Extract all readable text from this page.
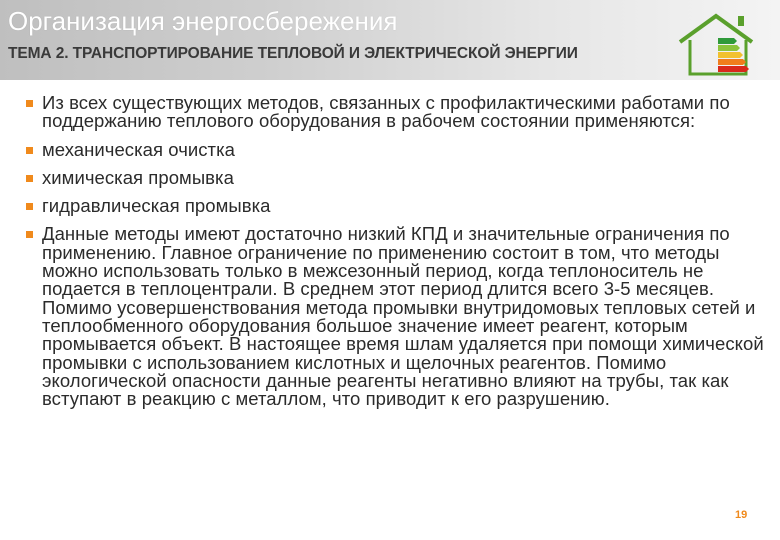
Организация энергосбережения
ТЕМА 2. ТРАНСПОРТИРОВАНИЕ ТЕПЛОВОЙ И ЭЛЕКТРИЧЕСКОЙ ЭНЕРГИИ
Из всех существующих методов, связанных с профилактическими работами по поддержанию теплового оборудования в рабочем состоянии применяются:
механическая очистка
химическая промывка
гидравлическая промывка
Данные методы имеют достаточно низкий КПД и значительные ограничения по применению. Главное ограничение по применению состоит в том, что методы можно использовать только в межсезонный период, когда теплоноситель не подается в теплоцентрали. В среднем этот период длится всего 3-5 месяцев. Помимо усовершенствования метода промывки внутридомовых тепловых сетей и теплообменного оборудования большое значение имеет реагент, которым промывается объект. В настоящее время шлам удаляется при помощи химической промывки с использованием кислотных и щелочных реагентов. Помимо экологической опасности данные реагенты негативно влияют на трубы, так как вступают в реакцию с металлом, что приводит к его разрушению.
19
